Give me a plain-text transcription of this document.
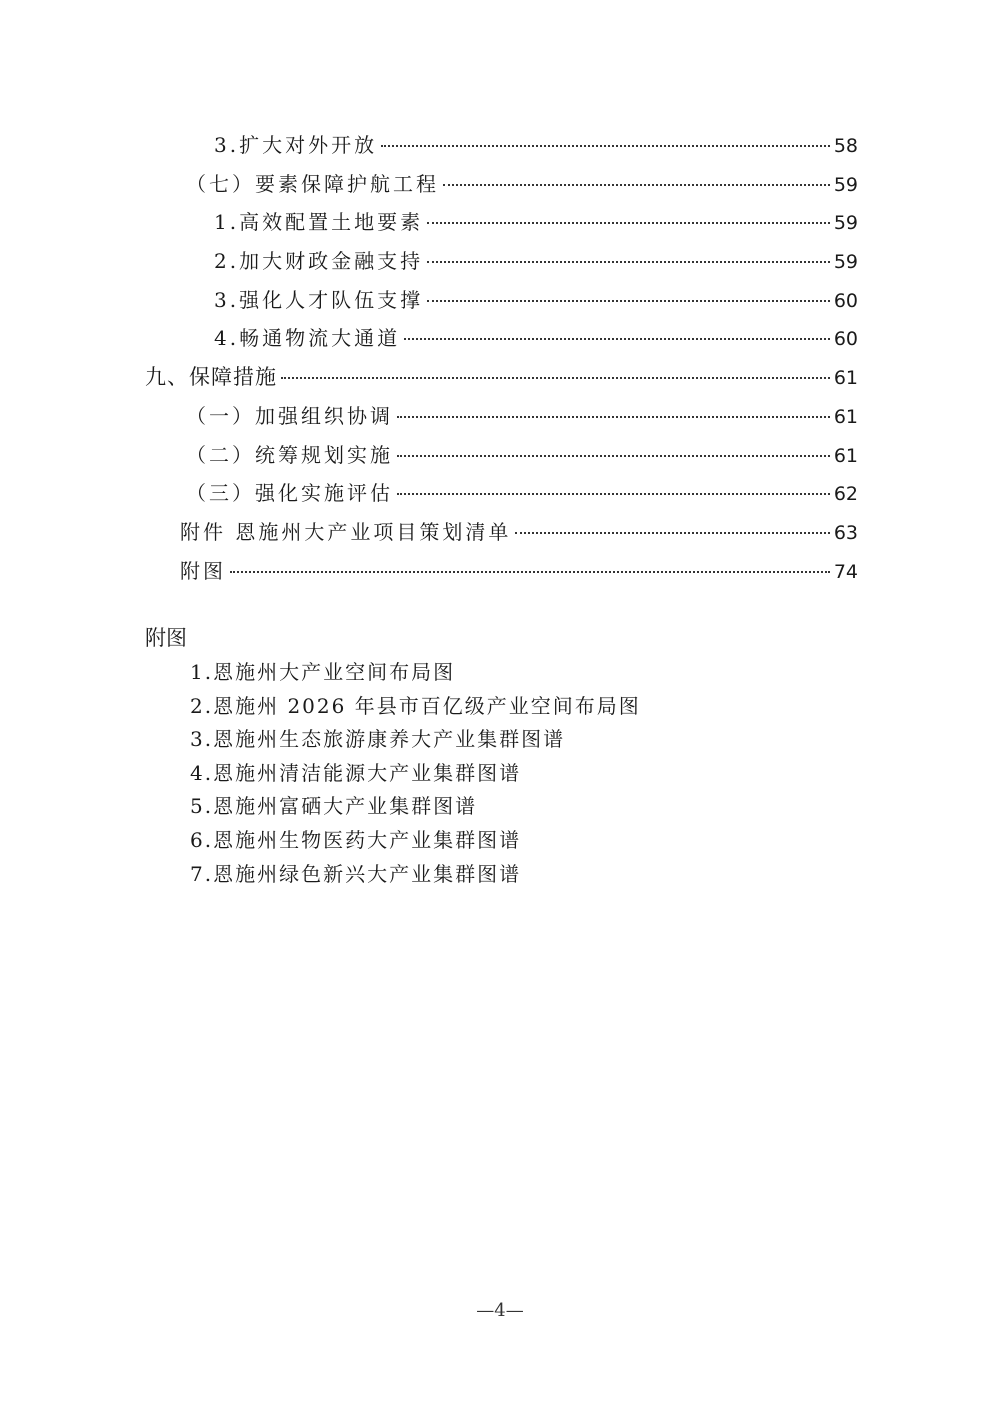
3.扩大对外开放	58
（七）要素保障护航工程	59
1.高效配置土地要素	59
2.加大财政金融支持	59
3.强化人才队伍支撑	60
4.畅通物流大通道	60
九、保障措施	61
（一）加强组织协调	61
（二）统筹规划实施	61
（三）强化实施评估	62
附件 恩施州大产业项目策划清单	63
附图	74
附图
1.恩施州大产业空间布局图
2.恩施州 2026 年县市百亿级产业空间布局图
3.恩施州生态旅游康养大产业集群图谱
4.恩施州清洁能源大产业集群图谱
5.恩施州富硒大产业集群图谱
6.恩施州生物医药大产业集群图谱
7.恩施州绿色新兴大产业集群图谱
—4—
